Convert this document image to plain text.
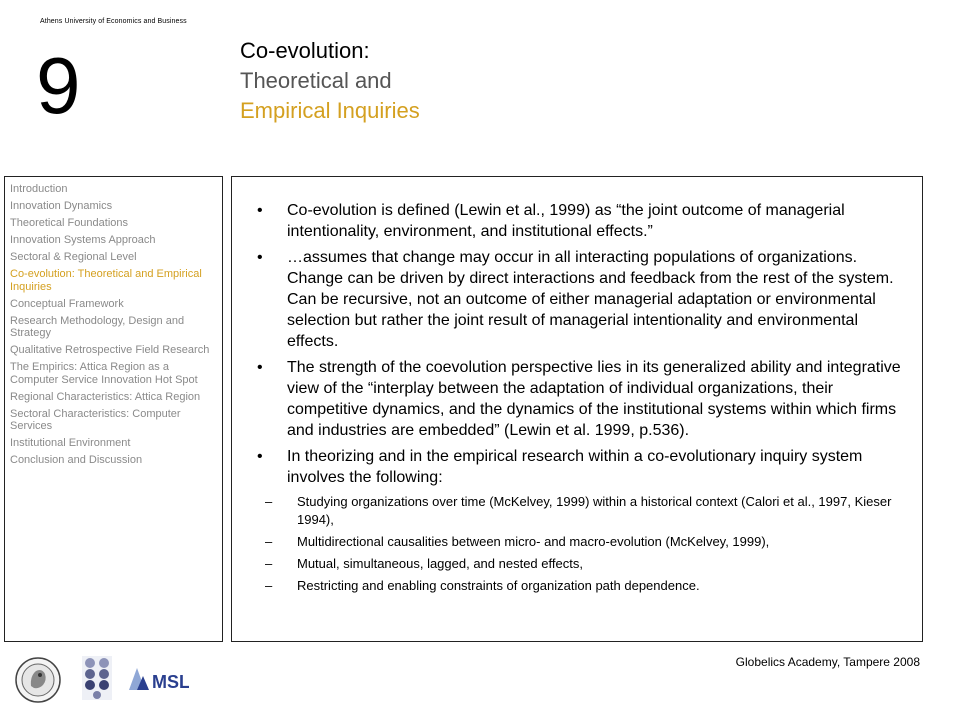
Athens University of Economics and Business
9	Co-evolution:
Theoretical and
Empirical Inquiries
Introduction
Innovation Dynamics
Theoretical Foundations
Innovation Systems Approach
Sectoral & Regional Level
Co-evolution: Theoretical and Empirical Inquiries
Conceptual Framework
Research Methodology, Design and Strategy
Qualitative Retrospective Field Research
The Empirics: Attica Region as a Computer Service Innovation Hot Spot
Regional Characteristics: Attica Region
Sectoral Characteristics: Computer Services
Institutional Environment
Conclusion and Discussion
• Co-evolution is defined (Lewin et al., 1999) as “the joint outcome of managerial intentionality, environment, and institutional effects.”
• …assumes that change may occur in all interacting populations of organizations. Change can be driven by direct interactions and feedback from the rest of the system. Can be recursive, not an outcome of either managerial adaptation or environmental selection but rather the joint result of managerial intentionality and environmental effects.
• The strength of the coevolution perspective lies in its generalized ability and integrative view of the “interplay between the adaptation of individual organizations, their competitive dynamics, and the dynamics of the institutional systems within which firms and industries are embedded” (Lewin et al. 1999, p.536).
• In theorizing and in the empirical research within a co-evolutionary inquiry system involves the following:
– Studying organizations over time (McKelvey, 1999) within a historical context (Calori et al., 1997, Kieser 1994),
– Multidirectional causalities between micro- and macro-evolution (McKelvey, 1999),
– Mutual, simultaneous, lagged, and nested effects,
– Restricting and enabling constraints of organization path dependence.
MSL
Globelics Academy, Tampere 2008
